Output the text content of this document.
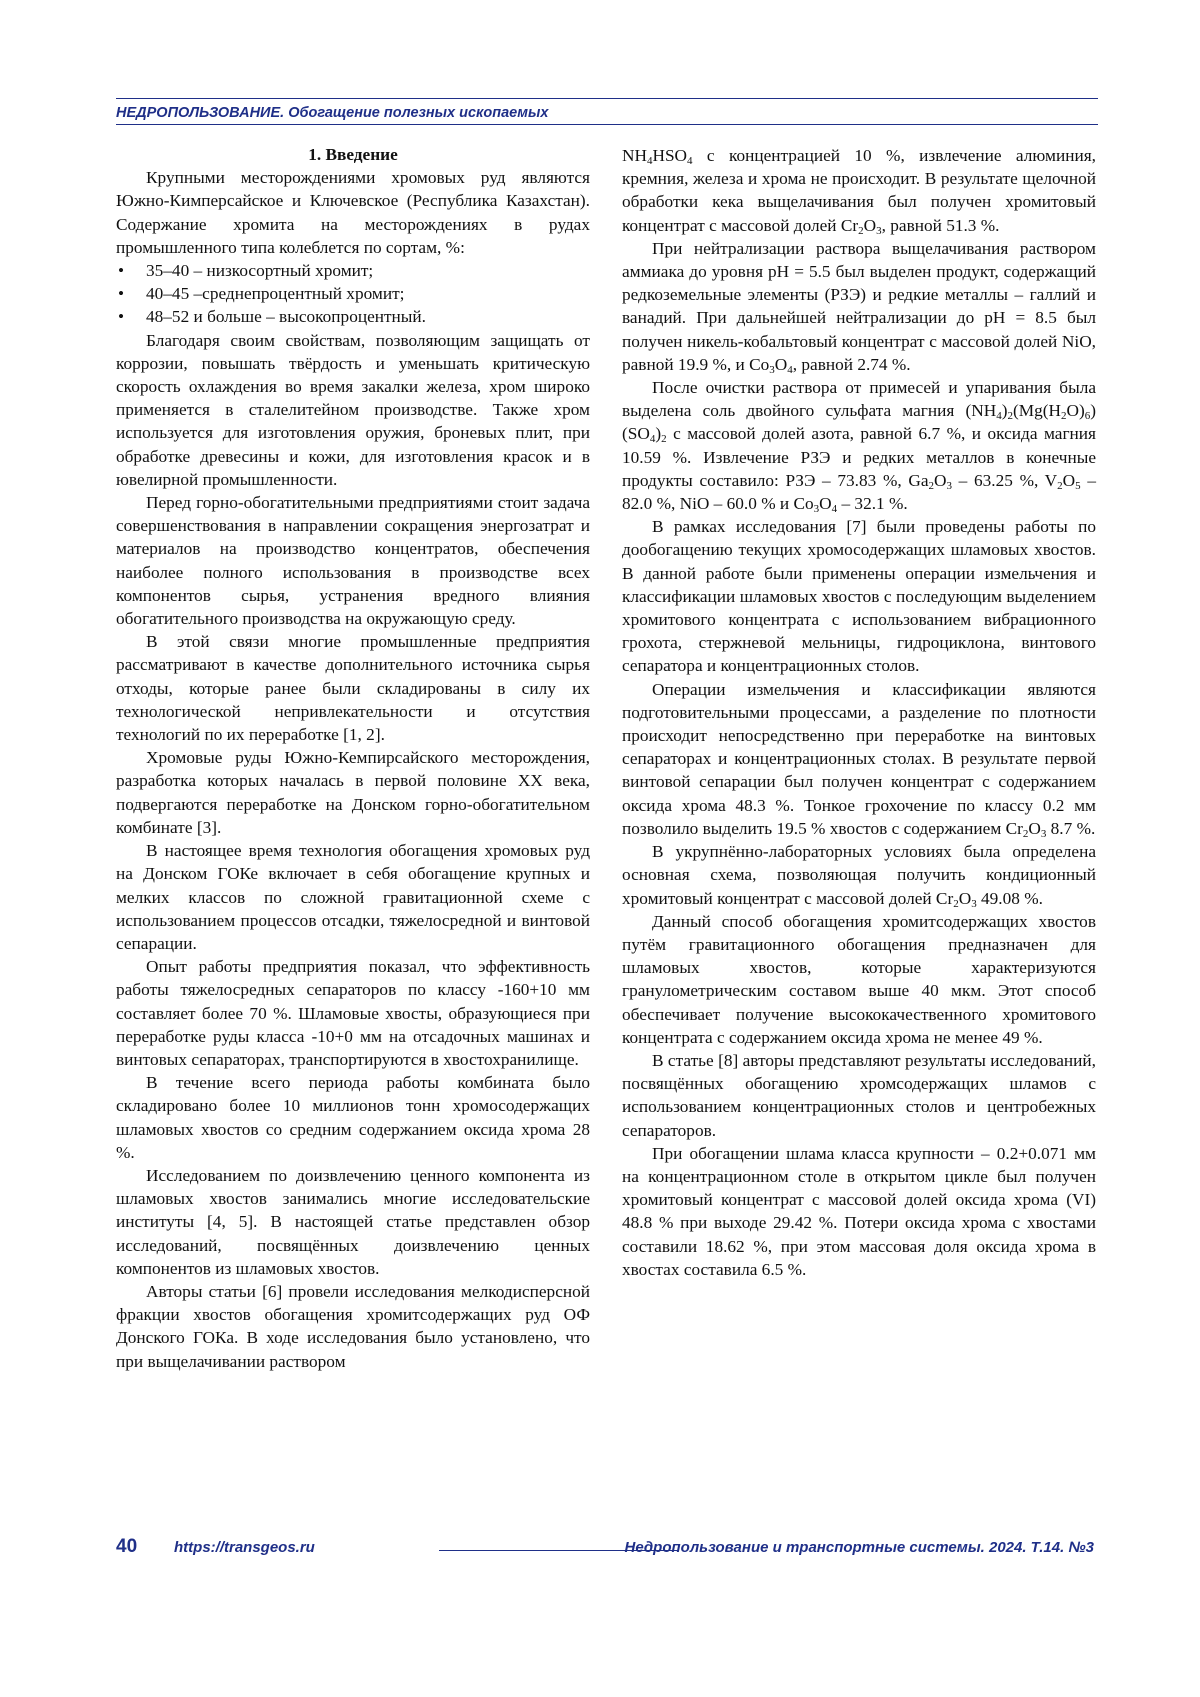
НЕДРОПОЛЬЗОВАНИЕ. Обогащение полезных ископаемых

1. Введение

Крупными месторождениями хромовых руд являются Южно-Кимперсайское и Ключевское (Республика Казахстан). Содержание хромита на месторождениях в рудах промышленного типа колеблется по сортам, %:

• 35–40 – низкосортный хромит;
• 40–45 –среднепроцентный хромит;
• 48–52 и больше – высокопроцентный.

Благодаря своим свойствам, позволяющим защищать от коррозии, повышать твёрдость и уменьшать критическую скорость охлаждения во время закалки железа, хром широко применяется в сталелитейном производстве. Также хром используется для изготовления оружия, броневых плит, при обработке древесины и кожи, для изготовления красок и в ювелирной промышленности.

Перед горно-обогатительными предприятиями стоит задача совершенствования в направлении сокращения энергозатрат и материалов на производство концентратов, обеспечения наиболее полного использования в производстве всех компонентов сырья, устранения вредного влияния обогатительного производства на окружающую среду.

В этой связи многие промышленные предприятия рассматривают в качестве дополнительного источника сырья отходы, которые ранее были складированы в силу их технологической непривлекательности и отсутствия технологий по их переработке [1, 2].

Хромовые руды Южно-Кемпирсайского месторождения, разработка которых началась в первой половине XX века, подвергаются переработке на Донском горно-обогатительном комбинате [3].

В настоящее время технология обогащения хромовых руд на Донском ГОКе включает в себя обогащение крупных и мелких классов по сложной гравитационной схеме с использованием процессов отсадки, тяжелосредной и винтовой сепарации.

Опыт работы предприятия показал, что эффективность работы тяжелосредных сепараторов по классу -160+10 мм составляет более 70 %. Шламовые хвосты, образующиеся при переработке руды класса -10+0 мм на отсадочных машинах и винтовых сепараторах, транспортируются в хвостохранилище.

В течение всего периода работы комбината было складировано более 10 миллионов тонн хромосодержащих шламовых хвостов со средним содержанием оксида хрома 28 %.

Исследованием по доизвлечению ценного компонента из шламовых хвостов занимались многие исследовательские институты [4, 5]. В настоящей статье представлен обзор исследований, посвящённых доизвлечению ценных компонентов из шламовых хвостов.

Авторы статьи [6] провели исследования мелкодисперсной фракции хвостов обогащения хромитсодержащих руд ОФ Донского ГОКа. В ходе исследования было установлено, что при выщелачивании раствором

$NH_4HSO_4$ с концентрацией 10 %, извлечение алюминия, кремния, железа и хрома не происходит. В результате щелочной обработки кека выщелачивания был получен хромитовый концентрат с массовой долей $Cr_2O_3$, равной 51.3 %.

При нейтрализации раствора выщелачивания раствором аммиака до уровня pH = 5.5 был выделен продукт, содержащий редкоземельные элементы (РЗЭ) и редкие металлы – галлий и ванадий. При дальнейшей нейтрализации до pH = 8.5 был получен никель-кобальтовый концентрат с массовой долей NiO, равной 19.9 %, и $Co_3O_4$, равной 2.74 %.

После очистки раствора от примесей и упаривания была выделена соль двойного сульфата магния $(NH_4)_2(Mg(H_2O)_6)(SO_4)_2$ с массовой долей азота, равной 6.7 %, и оксида магния 10.59 %. Извлечение РЗЭ и редких металлов в конечные продукты составило: РЗЭ – 73.83 %, $Ga_2O_3 - 63.25$ %, $V_2O_5 - 82.0$ %, NiO – 60.0 % и $Co_3O_4 - 32.1$ %.

В рамках исследования [7] были проведены работы по дообогащению текущих хромосодержащих шламовых хвостов. В данной работе были применены операции измельчения и классификации шламовых хвостов с последующим выделением хромитового концентрата с использованием вибрационного грохота, стержневой мельницы, гидроциклона, винтового сепаратора и концентрационных столов.

Операции измельчения и классификации являются подготовительными процессами, а разделение по плотности происходит непосредственно при переработке на винтовых сепараторах и концентрационных столах. В результате первой винтовой сепарации был получен концентрат с содержанием оксида хрома 48.3 %. Тонкое грохочение по классу 0.2 мм позволило выделить 19.5 % хвостов с содержанием $Cr_2O_3$ 8.7 %.

В укрупнённо-лабораторных условиях была определена основная схема, позволяющая получить кондиционный хромитовый концентрат с массовой долей $Cr_2O_3$ 49.08 %.

Данный способ обогащения хромитсодержащих хвостов путём гравитационного обогащения предназначен для шламовых хвостов, которые характеризуются гранулометрическим составом выше 40 мкм. Этот способ обеспечивает получение высококачественного хромитового концентрата с содержанием оксида хрома не менее 49 %.

В статье [8] авторы представляют результаты исследований, посвящённых обогащению хромсодержащих шламов с использованием концентрационных столов и центробежных сепараторов.

При обогащении шлама класса крупности – 0.2+0.071 мм на концентрационном столе в открытом цикле был получен хромитовый концентрат с массовой долей оксида хрома (VI) 48.8 % при выходе 29.42 %. Потери оксида хрома с хвостами составили 18.62 %, при этом массовая доля оксида хрома в хвостах составила 6.5 %.

40 https://transgeos.ru	Недропользование и транспортные системы. 2024. Т.14. №3
